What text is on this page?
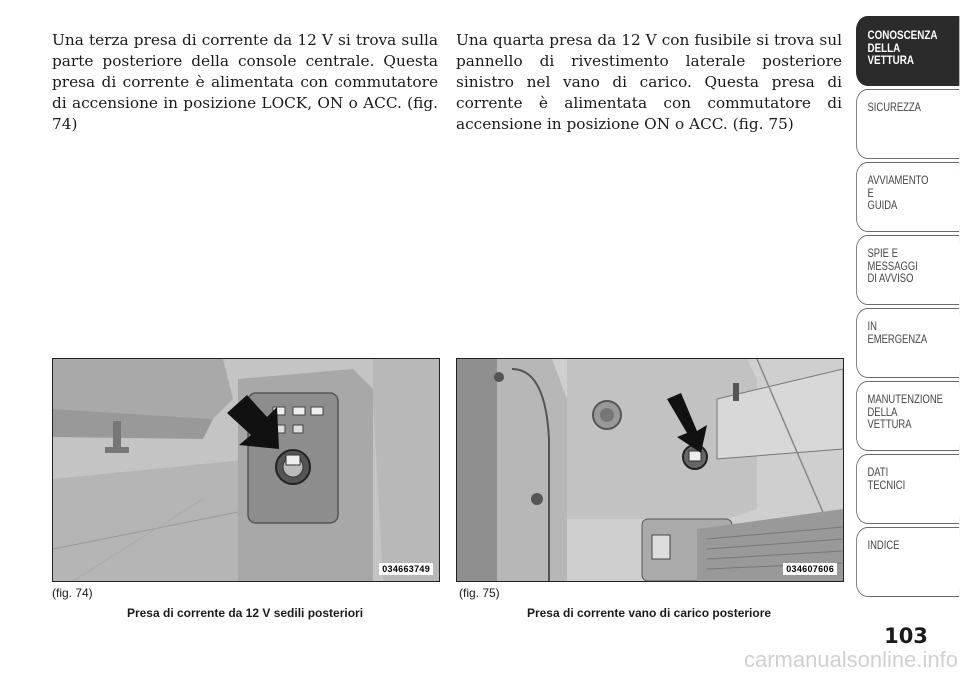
Una terza presa di corrente da 12 V si trova sulla parte posteriore della console centrale. Questa presa di corrente è alimentata con commutatore di accensione in posizione LOCK, ON o ACC. (fig. 74)

Una quarta presa da 12 V con fusibile si trova sul pannello di rivestimento laterale posteriore sinistro nel vano di carico. Questa presa di corrente è alimentata con commutatore di accensione in posizione ON o ACC. (fig. 75)

034663749
(fig. 74)
Presa di corrente da 12 V sedili posteriori
034607606
(fig. 75)
Presa di corrente vano di carico posteriore
CONOSCENZA
DELLA
VETTURA
SICUREZZA
AVVIAMENTO
E
GUIDA
SPIE E
MESSAGGI
DI AVVISO
IN
EMERGENZA
MANUTENZIONE
DELLA
VETTURA
DATI
TECNICI
INDICE
103
carmanualsonline.info
